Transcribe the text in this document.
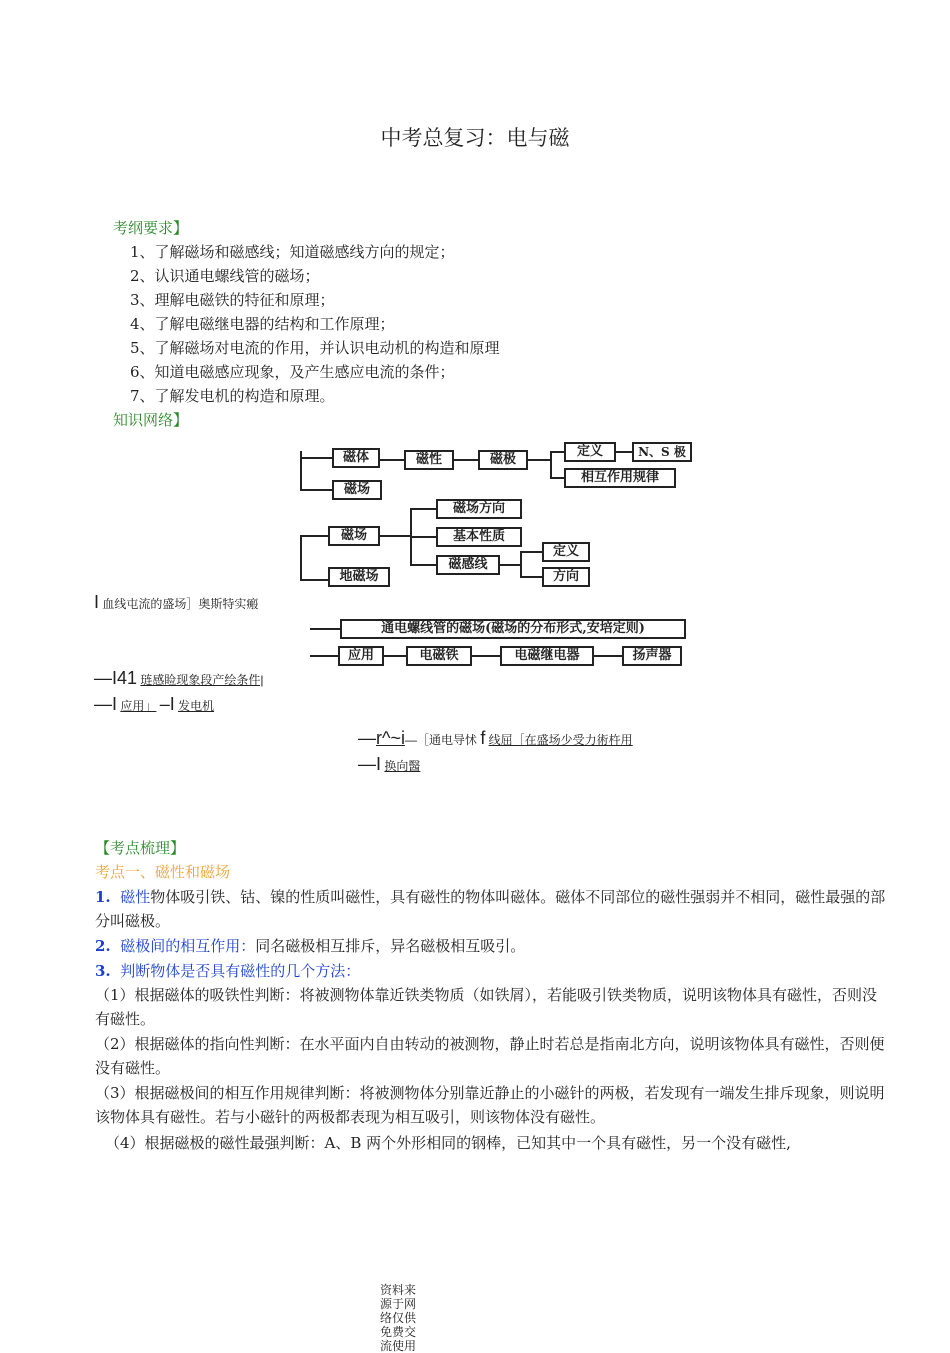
中考总复习：电与磁
考纲要求】
1、了解磁场和磁感线；知道磁感线方向的规定；
2、认识通电螺线管的磁场；
3、理解电磁铁的特征和原理；
4、了解电磁继电器的结构和工作原理；
5、了解磁场对电流的作用，并认识电动机的构造和原理
6、知道电磁感应现象，及产生感应电流的条件；
7、了解发电机的构造和原理。
知识网络】
磁体	磁性	磁极
定义	N、S 极
相互作用规律
磁场
磁场
磁场方向
基本性质
磁感线
定义
方向
地磁场
通电螺线管的磁场(磁场的分布形式,安培定则)
应用	电磁铁	电磁继电器	扬声器
I 血线屯流的盛场］奥斯特实瘢
—I41 琏感睑现象段产绘条件|
—I 应用」 –I 发电机
—r^~i—［通电导怵 f 线屈［在盛场少受力術杵用
—I 换向醫
【考点梳理】
考点一、磁性和磁场
1. 磁性物体吸引铁、钴、镍的性质叫磁性，具有磁性的物体叫磁体。磁体不同部位的磁性强弱并不相同，磁性最强的部分叫磁极。
2. 磁极间的相互作用：同名磁极相互排斥，异名磁极相互吸引。
3. 判断物体是否具有磁性的几个方法：
（1）根据磁体的吸铁性判断：将被测物体靠近铁类物质（如铁屑），若能吸引铁类物质，说明该物体具有磁性，否则没有磁性。
（2）根据磁体的指向性判断：在水平面内自由转动的被测物，静止时若总是指南北方向，说明该物体具有磁性，否则便没有磁性。
（3）根据磁极间的相互作用规律判断：将被测物体分别靠近静止的小磁针的两极，若发现有一端发生排斥现象，则说明该物体具有磁性。若与小磁针的两极都表现为相互吸引，则该物体没有磁性。
（4）根据磁极的磁性最强判断：A、B 两个外形相同的钢棒，已知其中一个具有磁性，另一个没有磁性,
资料来源于网络仅供免费交流使用
